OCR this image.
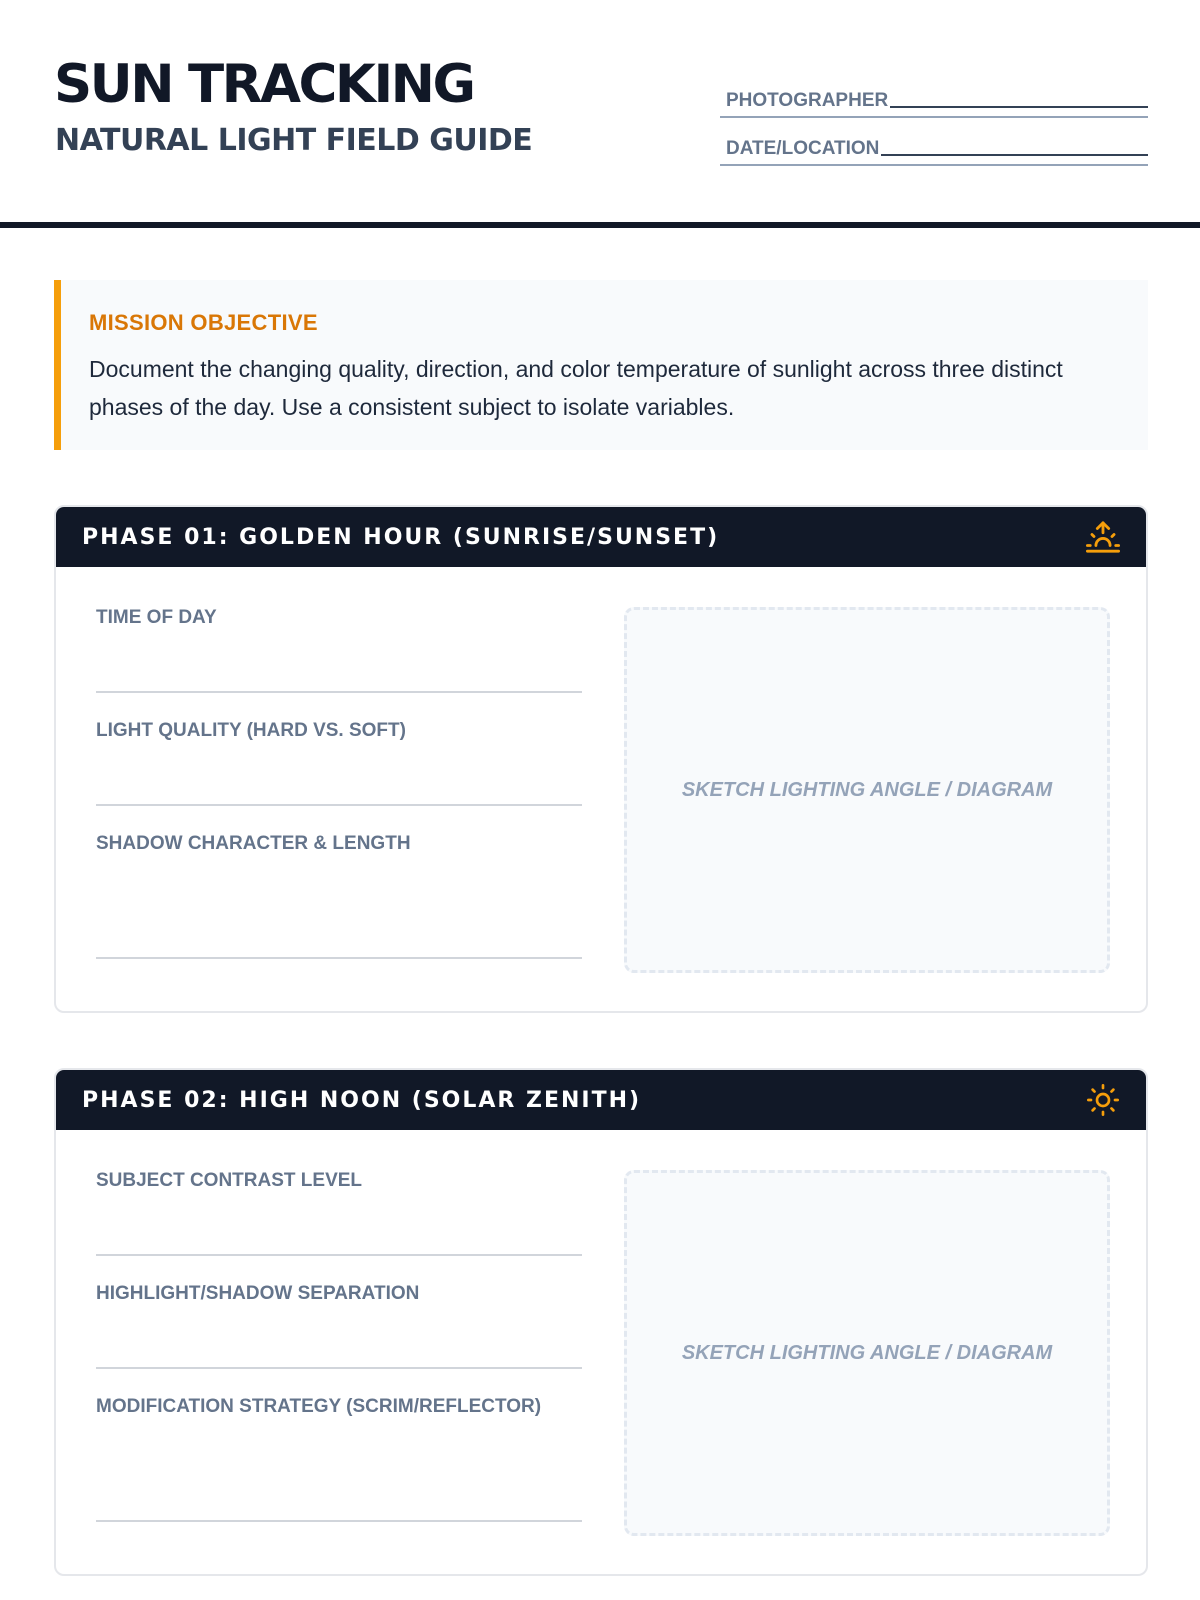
SUN TRACKING
NATURAL LIGHT FIELD GUIDE
PHOTOGRAPHER
DATE/LOCATION
MISSION OBJECTIVE
Document the changing quality, direction, and color temperature of sunlight across three distinct phases of the day. Use a consistent subject to isolate variables.
PHASE 01: GOLDEN HOUR (SUNRISE/SUNSET)
TIME OF DAY
LIGHT QUALITY (HARD VS. SOFT)
SHADOW CHARACTER & LENGTH
SKETCH LIGHTING ANGLE / DIAGRAM
PHASE 02: HIGH NOON (SOLAR ZENITH)
SUBJECT CONTRAST LEVEL
HIGHLIGHT/SHADOW SEPARATION
MODIFICATION STRATEGY (SCRIM/REFLECTOR)
SKETCH LIGHTING ANGLE / DIAGRAM
